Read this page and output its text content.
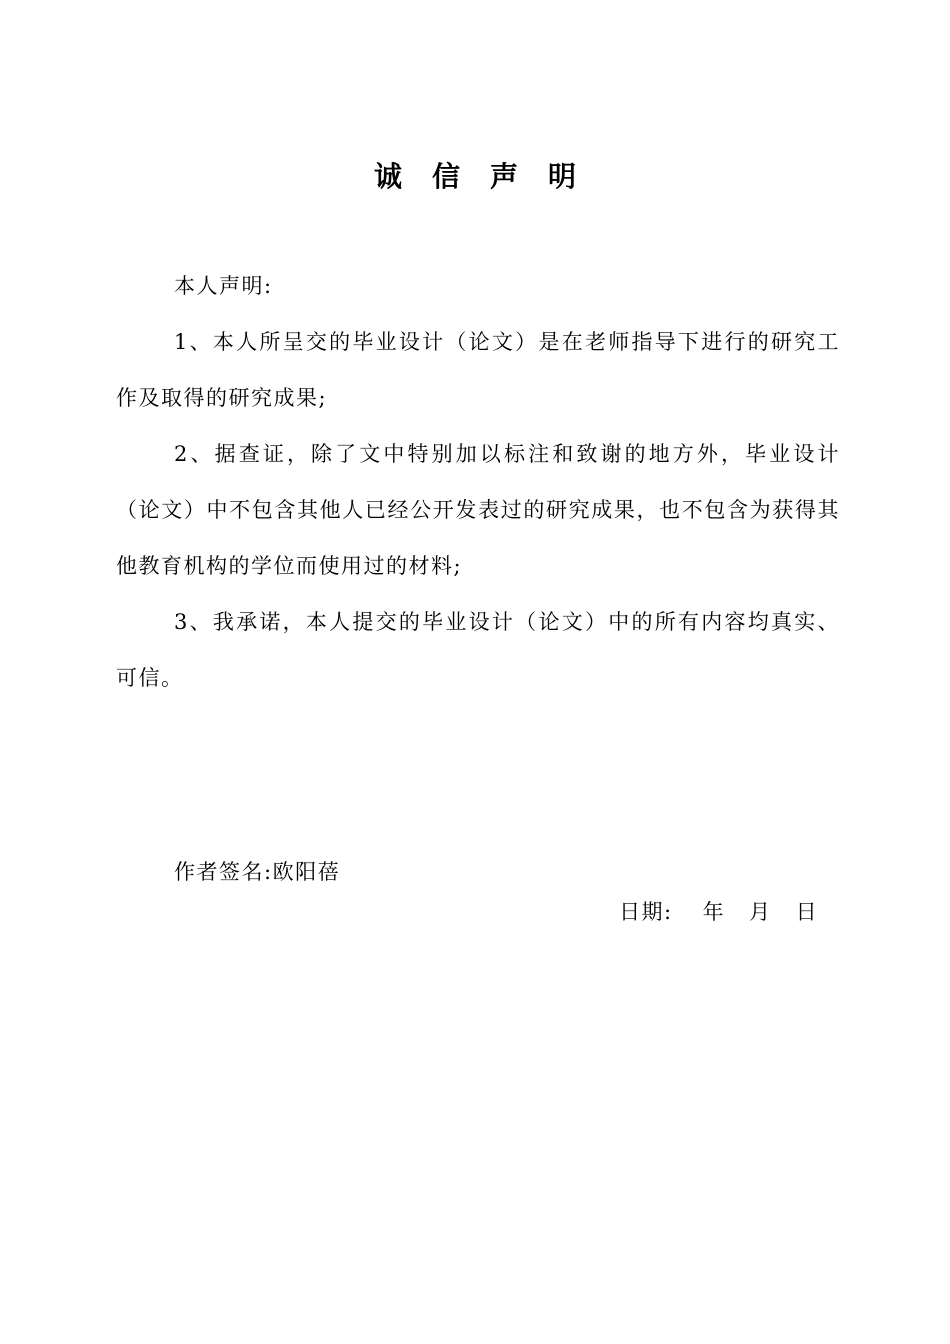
诚信声明

本人声明:

1、本人所呈交的毕业设计（论文）是在老师指导下进行的研究工作及取得的研究成果;

2、据查证，除了文中特别加以标注和致谢的地方外，毕业设计（论文）中不包含其他人已经公开发表过的研究成果，也不包含为获得其他教育机构的学位而使用过的材料;

3、我承诺，本人提交的毕业设计（论文）中的所有内容均真实、可信。

作者签名:欧阳蓓

日期: 年 月 日
